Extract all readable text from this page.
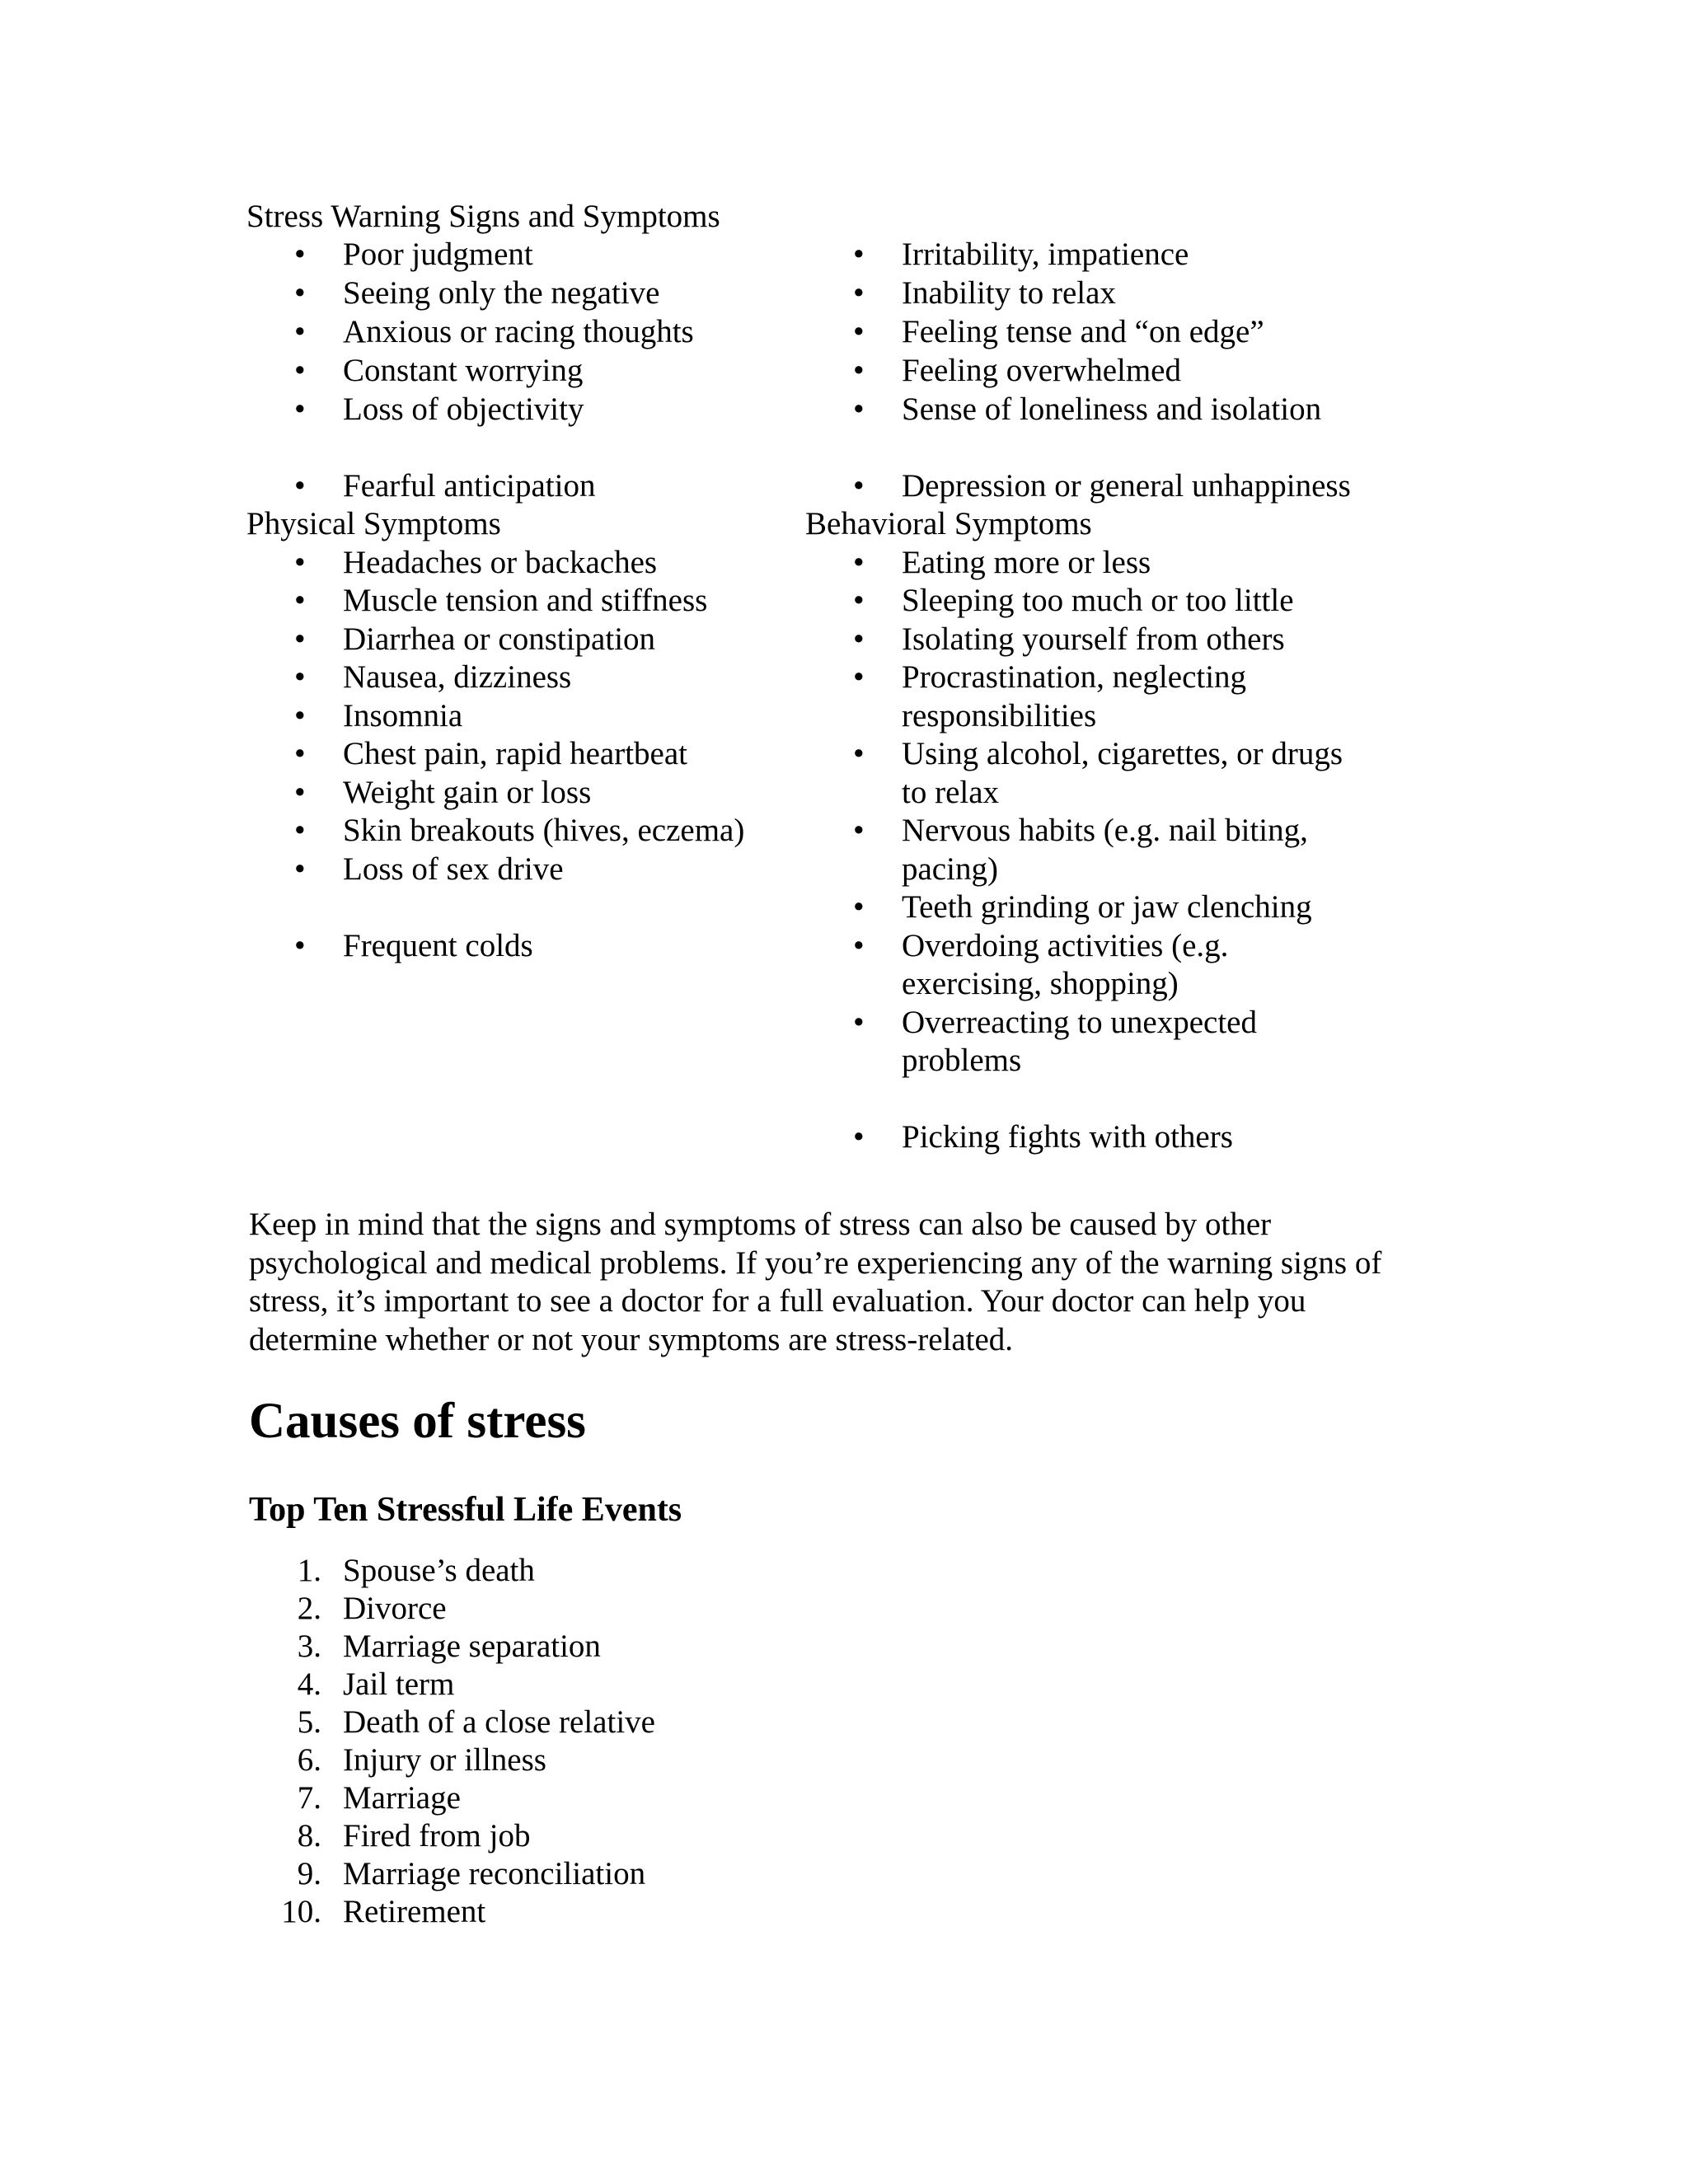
Stress Warning Signs and Symptoms
• Poor judgment
• Seeing only the negative
• Anxious or racing thoughts
• Constant worrying
• Loss of objectivity
• Fearful anticipation
• Irritability, impatience
• Inability to relax
• Feeling tense and “on edge”
• Feeling overwhelmed
• Sense of loneliness and isolation
• Depression or general unhappiness
Physical Symptoms
• Headaches or backaches
• Muscle tension and stiffness
• Diarrhea or constipation
• Nausea, dizziness
• Insomnia
• Chest pain, rapid heartbeat
• Weight gain or loss
• Skin breakouts (hives, eczema)
• Loss of sex drive
• Frequent colds
Behavioral Symptoms
• Eating more or less
• Sleeping too much or too little
• Isolating yourself from others
• Procrastination, neglecting
responsibilities
• Using alcohol, cigarettes, or drugs
to relax
• Nervous habits (e.g. nail biting,
pacing)
• Teeth grinding or jaw clenching
• Overdoing activities (e.g.
exercising, shopping)
• Overreacting to unexpected
problems
• Picking fights with others
Keep in mind that the signs and symptoms of stress can also be caused by other psychological and medical problems. If you’re experiencing any of the warning signs of stress, it’s important to see a doctor for a full evaluation. Your doctor can help you determine whether or not your symptoms are stress-related.
Causes of stress
Top Ten Stressful Life Events
1. Spouse’s death
2. Divorce
3. Marriage separation
4. Jail term
5. Death of a close relative
6. Injury or illness
7. Marriage
8. Fired from job
9. Marriage reconciliation
10. Retirement
